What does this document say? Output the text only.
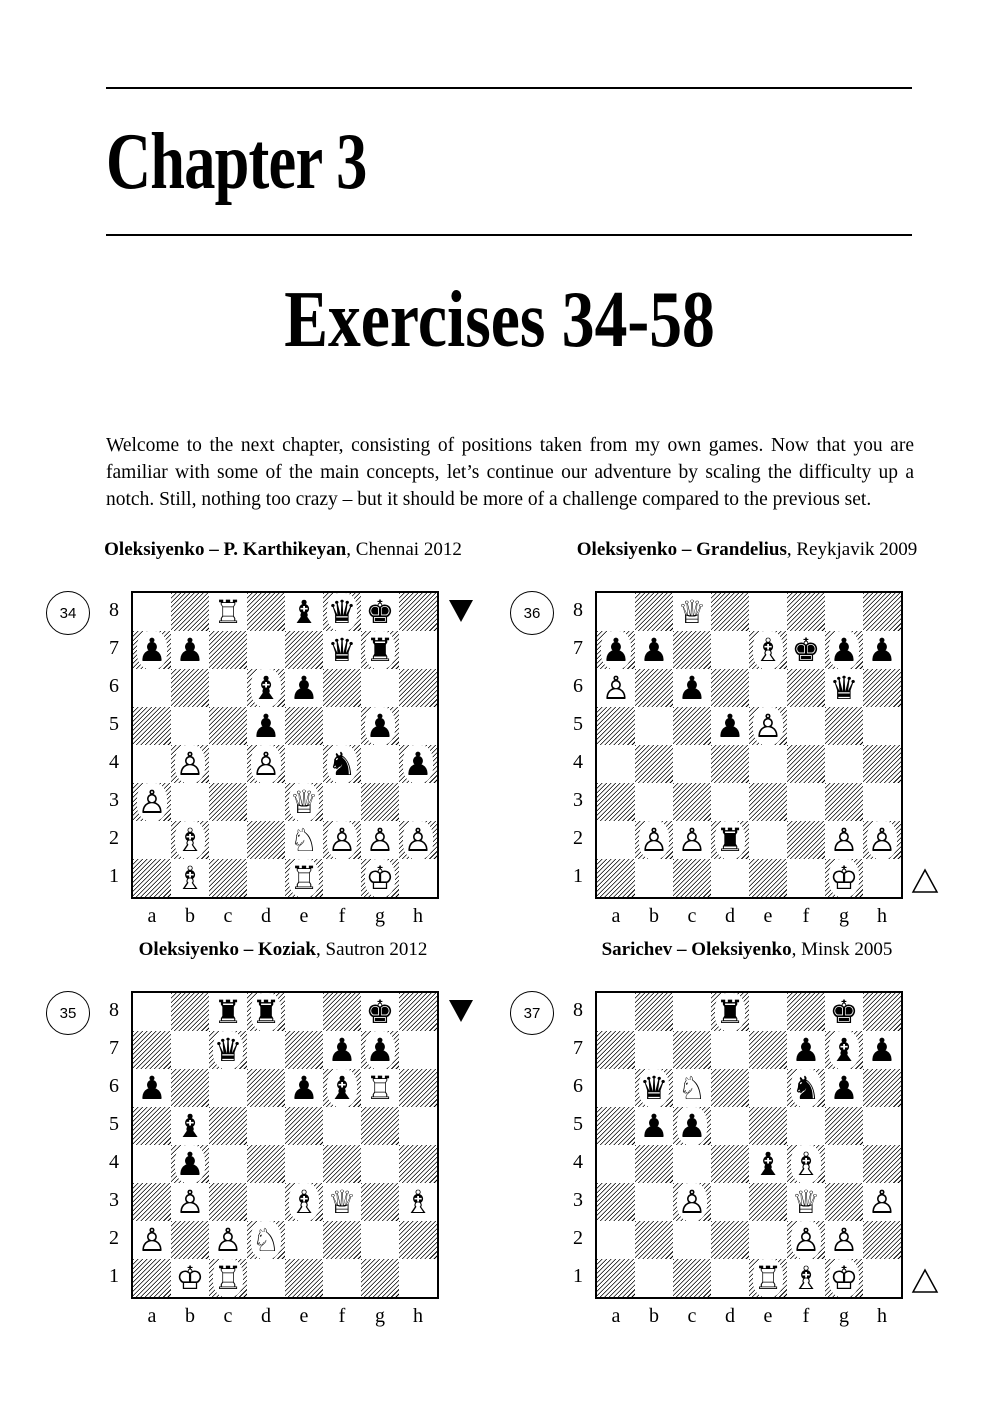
Chapter 3
Exercises 34-58

Welcome to the next chapter, consisting of positions taken from my own games. Now that you are familiar with some of the main concepts, let’s continue our adventure by scaling the difficulty up a notch. Still, nothing too crazy – but it should be more of a challenge compared to the previous set.

Oleksiyenko – P. Karthikeyan, Chennai 2012
34	♖ ♝ ♛ ♚
♟ ♟	♛ ♜
♝ ♟
♟	♟
♙ ♙ ♞ ♟
♙	♕
♗	♘ ♙ ♙ ♙
♗	♖ ♔
8
7
6
5
4
3
2
1
a	b	c	d	e	f	g	h
Oleksiyenko – Grandelius, Reykjavik 2009
36	♕
♟ ♟	♗ ♚ ♟ ♟
♙ ♟	♛
♟ ♙
♙ ♙ ♜	♙ ♙
♔
8
7
6
5
4
3
2
1
a	b	c	d	e	f	g	h
Oleksiyenko – Koziak, Sautron 2012
35	♜ ♜	♚
♛	♟ ♟
♟	♟ ♝ ♖
♝
♟
♙	♗ ♕ ♗
♙ ♙ ♘
♔ ♖
8
7
6
5
4
3
2
1
a	b	c	d	e	f	g	h
Sarichev – Oleksiyenko, Minsk 2005
37	♜	♚
♟ ♝ ♟
♛ ♘	♞ ♟
♟ ♟
♝ ♗
♙	♕ ♙
♙ ♙
♖ ♗ ♔
8
7
6
5
4
3
2
1
a	b	c	d	e	f	g	h
